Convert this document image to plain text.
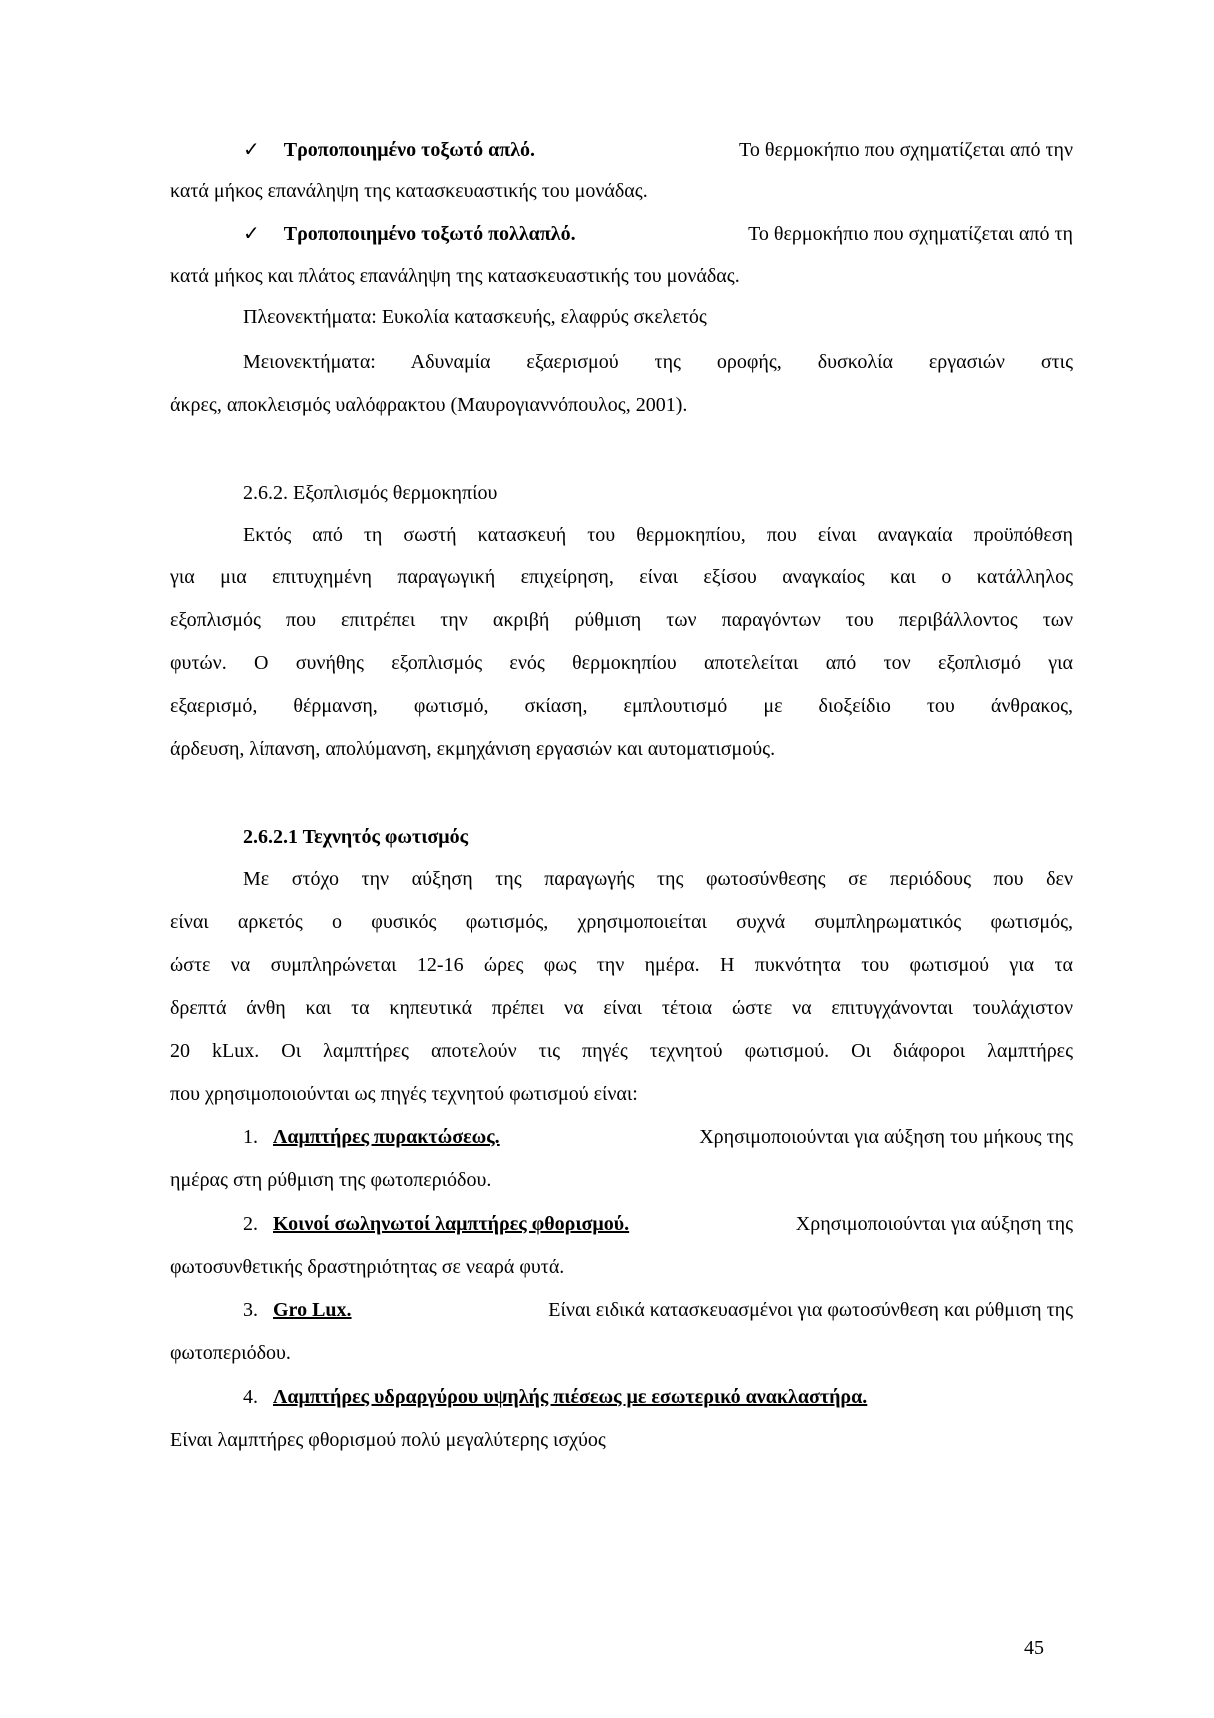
✓ Τροποποιημένο τοξωτό απλό.	Το θερμοκήπιο που σχηματίζεται από την
κατά μήκος επανάληψη της κατασκευαστικής του μονάδας.
✓ Τροποποιημένο τοξωτό πολλαπλό.	Το θερμοκήπιο που σχηματίζεται από τη
κατά μήκος και πλάτος επανάληψη της κατασκευαστικής του μονάδας.
Πλεονεκτήματα: Ευκολία κατασκευής, ελαφρύς σκελετός
Μειονεκτήματα: Αδυναμία εξαερισμού της οροφής, δυσκολία εργασιών στις
άκρες, αποκλεισμός υαλόφρακτου (Μαυρογιαννόπουλος, 2001).
2.6.2. Εξοπλισμός θερμοκηπίου
Εκτός από τη σωστή κατασκευή του θερμοκηπίου, που είναι αναγκαία προϋπόθεση
για μια επιτυχημένη παραγωγική επιχείρηση, είναι εξίσου αναγκαίος και ο κατάλληλος
εξοπλισμός που επιτρέπει την ακριβή ρύθμιση των παραγόντων του περιβάλλοντος των
φυτών. Ο συνήθης εξοπλισμός ενός θερμοκηπίου αποτελείται από τον εξοπλισμό για
εξαερισμό, θέρμανση, φωτισμό, σκίαση, εμπλουτισμό με διοξείδιο του άνθρακος,
άρδευση, λίπανση, απολύμανση, εκμηχάνιση εργασιών και αυτοματισμούς.
2.6.2.1 Τεχνητός φωτισμός
Με στόχο την αύξηση της παραγωγής της φωτοσύνθεσης σε περιόδους που δεν
είναι αρκετός ο φυσικός φωτισμός, χρησιμοποιείται συχνά συμπληρωματικός φωτισμός,
ώστε να συμπληρώνεται 12-16 ώρες φως την ημέρα. Η πυκνότητα του φωτισμού για τα
δρεπτά άνθη και τα κηπευτικά πρέπει να είναι τέτοια ώστε να επιτυγχάνονται τουλάχιστον
20 kLux. Οι λαμπτήρες αποτελούν τις πηγές τεχνητού φωτισμού. Οι διάφοροι λαμπτήρες
που χρησιμοποιούνται ως πηγές τεχνητού φωτισμού είναι:
1. Λαμπτήρες πυρακτώσεως.	Χρησιμοποιούνται για αύξηση του μήκους της
ημέρας στη ρύθμιση της φωτοπεριόδου.
2. Κοινοί σωληνωτοί λαμπτήρες φθορισμού.	Χρησιμοποιούνται για αύξηση της
φωτοσυνθετικής δραστηριότητας σε νεαρά φυτά.
3. Gro Lux.	Είναι ειδικά κατασκευασμένοι για φωτοσύνθεση και ρύθμιση της
φωτοπεριόδου.
4. Λαμπτήρες υδραργύρου υψηλής πιέσεως με εσωτερικό ανακλαστήρα.
Είναι λαμπτήρες φθορισμού πολύ μεγαλύτερης ισχύος
45
